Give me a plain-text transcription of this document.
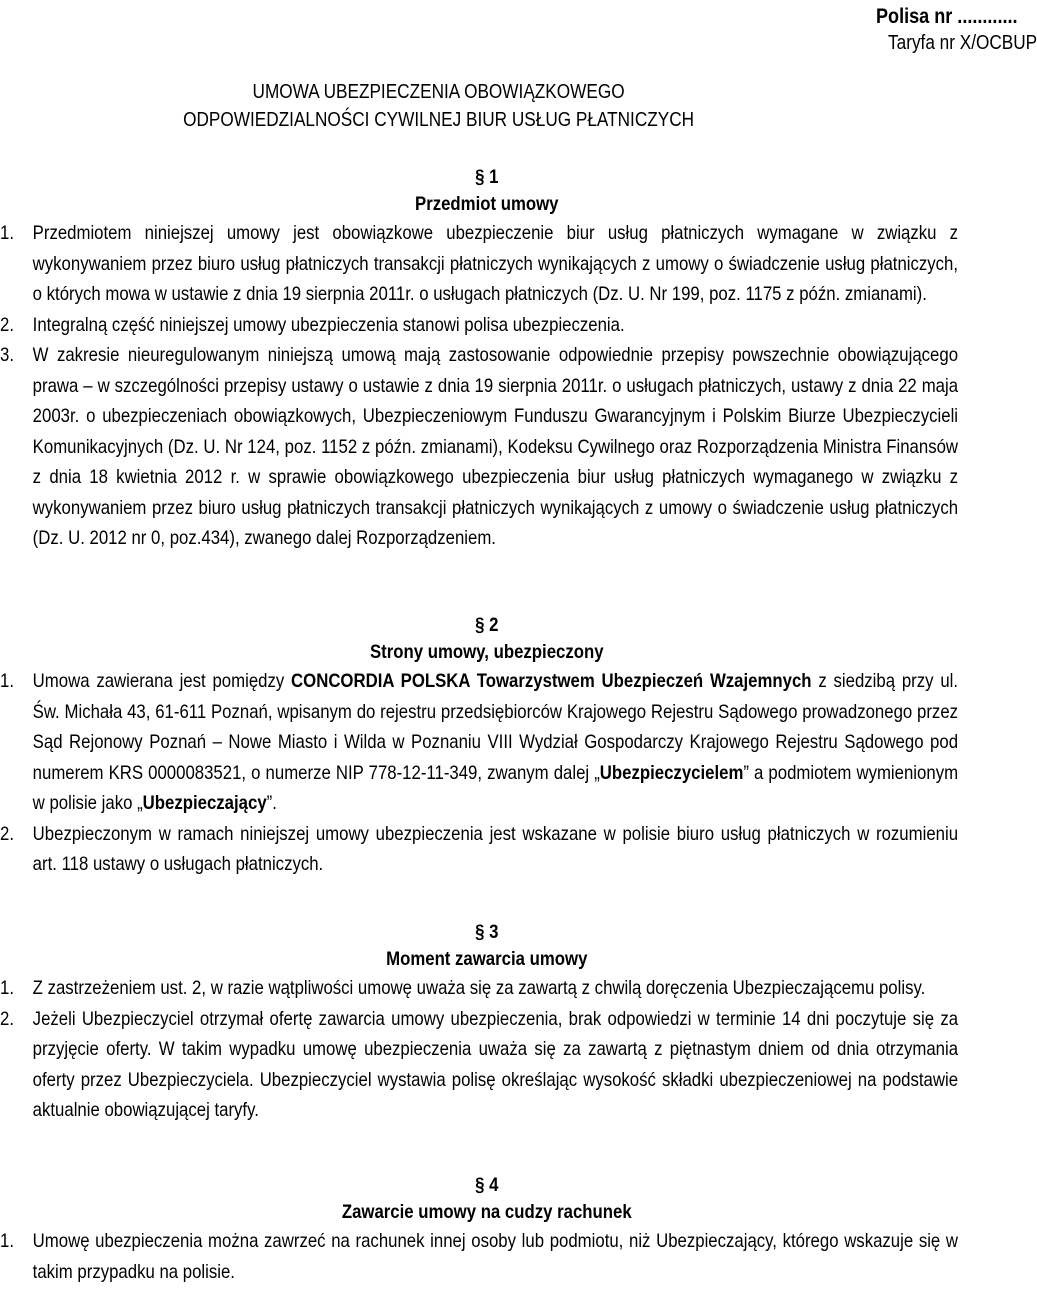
Polisa nr ............
Taryfa nr X/OCBUP
UMOWA UBEZPIECZENIA OBOWIĄZKOWEGO
ODPOWIEDZIALNOŚCI CYWILNEJ BIUR USŁUG PŁATNICZYCH
§ 1
Przedmiot umowy
1. Przedmiotem niniejszej umowy jest obowiązkowe ubezpieczenie biur usług płatniczych wymagane w związku z wykonywaniem przez biuro usług płatniczych transakcji płatniczych wynikających z umowy o świadczenie usług płatniczych, o których mowa w ustawie z dnia 19 sierpnia 2011r. o usługach płatniczych (Dz. U. Nr 199, poz. 1175 z późn. zmianami).
2. Integralną część niniejszej umowy ubezpieczenia stanowi polisa ubezpieczenia.
3. W zakresie nieuregulowanym niniejszą umową mają zastosowanie odpowiednie przepisy powszechnie obowiązującego prawa – w szczególności przepisy ustawy o ustawie z dnia 19 sierpnia 2011r. o usługach płatniczych, ustawy z dnia 22 maja 2003r. o ubezpieczeniach obowiązkowych, Ubezpieczeniowym Funduszu Gwarancyjnym i Polskim Biurze Ubezpieczycieli Komunikacyjnych (Dz. U. Nr 124, poz. 1152 z późn. zmianami), Kodeksu Cywilnego oraz Rozporządzenia Ministra Finansów z dnia 18 kwietnia 2012 r. w sprawie obowiązkowego ubezpieczenia biur usług płatniczych wymaganego w związku z wykonywaniem przez biuro usług płatniczych transakcji płatniczych wynikających z umowy o świadczenie usług płatniczych (Dz. U. 2012 nr 0, poz.434), zwanego dalej Rozporządzeniem.
§ 2
Strony umowy, ubezpieczony
1. Umowa zawierana jest pomiędzy CONCORDIA POLSKA Towarzystwem Ubezpieczeń Wzajemnych z siedzibą przy ul. Św. Michała 43, 61-611 Poznań, wpisanym do rejestru przedsiębiorców Krajowego Rejestru Sądowego prowadzonego przez Sąd Rejonowy Poznań – Nowe Miasto i Wilda w Poznaniu VIII Wydział Gospodarczy Krajowego Rejestru Sądowego pod numerem KRS 0000083521, o numerze NIP 778-12-11-349, zwanym dalej „Ubezpieczycielem” a podmiotem wymienionym w polisie jako „Ubezpieczający”.
2. Ubezpieczonym w ramach niniejszej umowy ubezpieczenia jest wskazane w polisie biuro usług płatniczych w rozumieniu art. 118 ustawy o usługach płatniczych.
§ 3
Moment zawarcia umowy
1. Z zastrzeżeniem ust. 2, w razie wątpliwości umowę uważa się za zawartą z chwilą doręczenia Ubezpieczającemu polisy.
2. Jeżeli Ubezpieczyciel otrzymał ofertę zawarcia umowy ubezpieczenia, brak odpowiedzi w terminie 14 dni poczytuje się za przyjęcie oferty. W takim wypadku umowę ubezpieczenia uważa się za zawartą z piętnastym dniem od dnia otrzymania oferty przez Ubezpieczyciela. Ubezpieczyciel wystawia polisę określając wysokość składki ubezpieczeniowej na podstawie aktualnie obowiązującej taryfy.
§ 4
Zawarcie umowy na cudzy rachunek
1. Umowę ubezpieczenia można zawrzeć na rachunek innej osoby lub podmiotu, niż Ubezpieczający, którego wskazuje się w takim przypadku na polisie.
